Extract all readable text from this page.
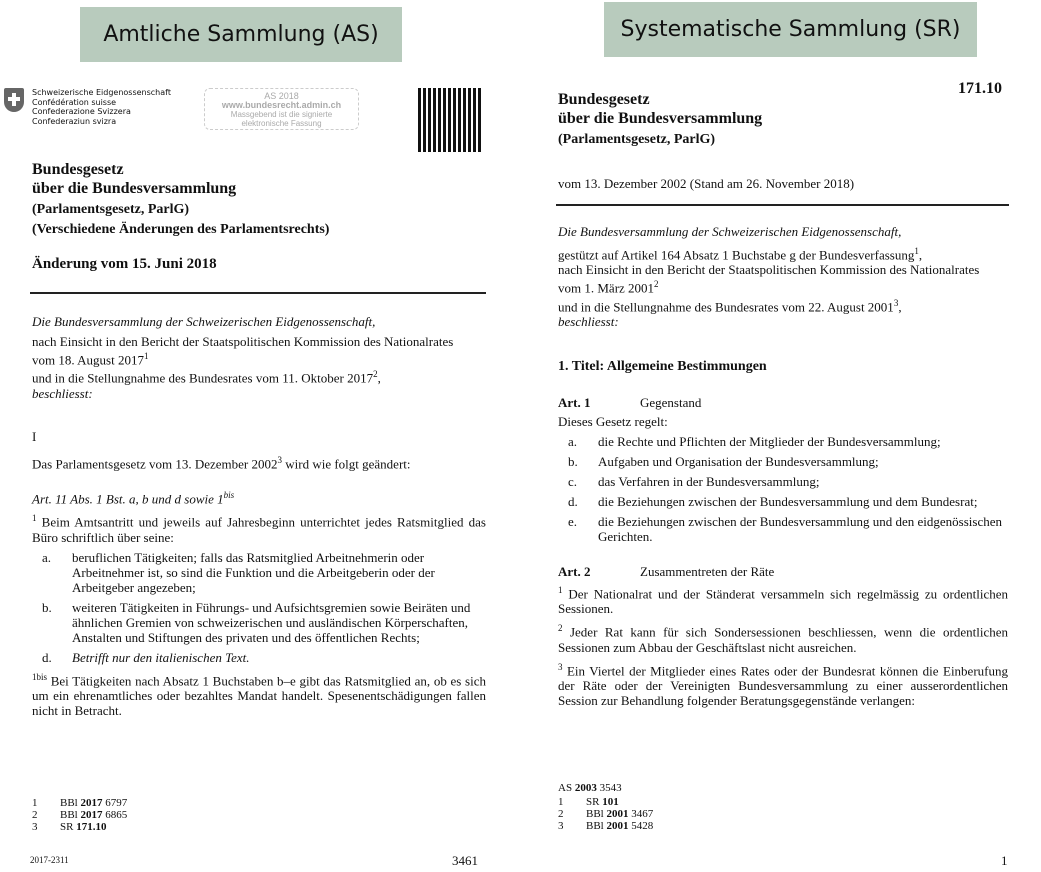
Amtliche Sammlung (AS)	Systematische Sammlung (SR)
Schweizerische Eidgenossenschaft
Confédération suisse
Confederazione Svizzera
Confederaziun svizra
AS 2018
www.bundesrecht.admin.ch
Massgebend ist die signierte
elektronische Fassung
Bundesgesetz
über die Bundesversammlung
(Parlamentsgesetz, ParlG)
(Verschiedene Änderungen des Parlamentsrechts)
Änderung vom 15. Juni 2018
Die Bundesversammlung der Schweizerischen Eidgenossenschaft,
nach Einsicht in den Bericht der Staatspolitischen Kommission des Nationalrates
vom 18. August 2017$^1$
und in die Stellungnahme des Bundesrates vom 11. Oktober 2017$^2$,
beschliesst:
I
Das Parlamentsgesetz vom 13. Dezember 2002$^3$ wird wie folgt geändert:
Art. 11 Abs. 1 Bst. a, b und d sowie $1^{bis}$
$^1$ Beim Amtsantritt und jeweils auf Jahresbeginn unterrichtet jedes Ratsmitglied das Büro schriftlich über seine:
a.	beruflichen Tätigkeiten; falls das Ratsmitglied Arbeitnehmerin oder Arbeitnehmer ist, so sind die Funktion und die Arbeitgeberin oder der Arbeitgeber angezeben;
b.	weiteren Tätigkeiten in Führungs- und Aufsichtsgremien sowie Beiräten und ähnlichen Gremien von schweizerischen und ausländischen Körperschaften, Anstalten und Stiftungen des privaten und des öffentlichen Rechts;
d.	Betrifft nur den italienischen Text.
$^{1bis}$ Bei Tätigkeiten nach Absatz 1 Buchstaben b–e gibt das Ratsmitglied an, ob es sich um ein ehrenamtliches oder bezahltes Mandat handelt. Spesenentschädigungen fallen nicht in Betracht.
1 BBl 2017 6797
2 BBl 2017 6865
3 SR 171.10
2017-2311	3461
171.10
Bundesgesetz
über die Bundesversammlung
(Parlamentsgesetz, ParlG)
vom 13. Dezember 2002 (Stand am 26. November 2018)
Die Bundesversammlung der Schweizerischen Eidgenossenschaft,
gestützt auf Artikel 164 Absatz 1 Buchstabe g der Bundesverfassung$^1$,
nach Einsicht in den Bericht der Staatspolitischen Kommission des Nationalrates
vom 1. März 2001$^2$
und in die Stellungnahme des Bundesrates vom 22. August 2001$^3$,
beschliesst:
1. Titel: Allgemeine Bestimmungen
Art. 1	Gegenstand
Dieses Gesetz regelt:
a.	die Rechte und Pflichten der Mitglieder der Bundesversammlung;
b.	Aufgaben und Organisation der Bundesversammlung;
c.	das Verfahren in der Bundesversammlung;
d.	die Beziehungen zwischen der Bundesversammlung und dem Bundesrat;
e.	die Beziehungen zwischen der Bundesversammlung und den eidgenössischen Gerichten.
Art. 2	Zusammentreten der Räte
$^1$ Der Nationalrat und der Ständerat versammeln sich regelmässig zu ordentlichen Sessionen.
$^2$ Jeder Rat kann für sich Sondersessionen beschliessen, wenn die ordentlichen Sessionen zum Abbau der Geschäftslast nicht ausreichen.
$^3$ Ein Viertel der Mitglieder eines Rates oder der Bundesrat können die Einberufung der Räte oder der Vereinigten Bundesversammlung zu einer ausserordentlichen Session zur Behandlung folgender Beratungsgegenstände verlangen:
AS 2003 3543
1 SR 101
2 BBl 2001 3467
3 BBl 2001 5428
1
